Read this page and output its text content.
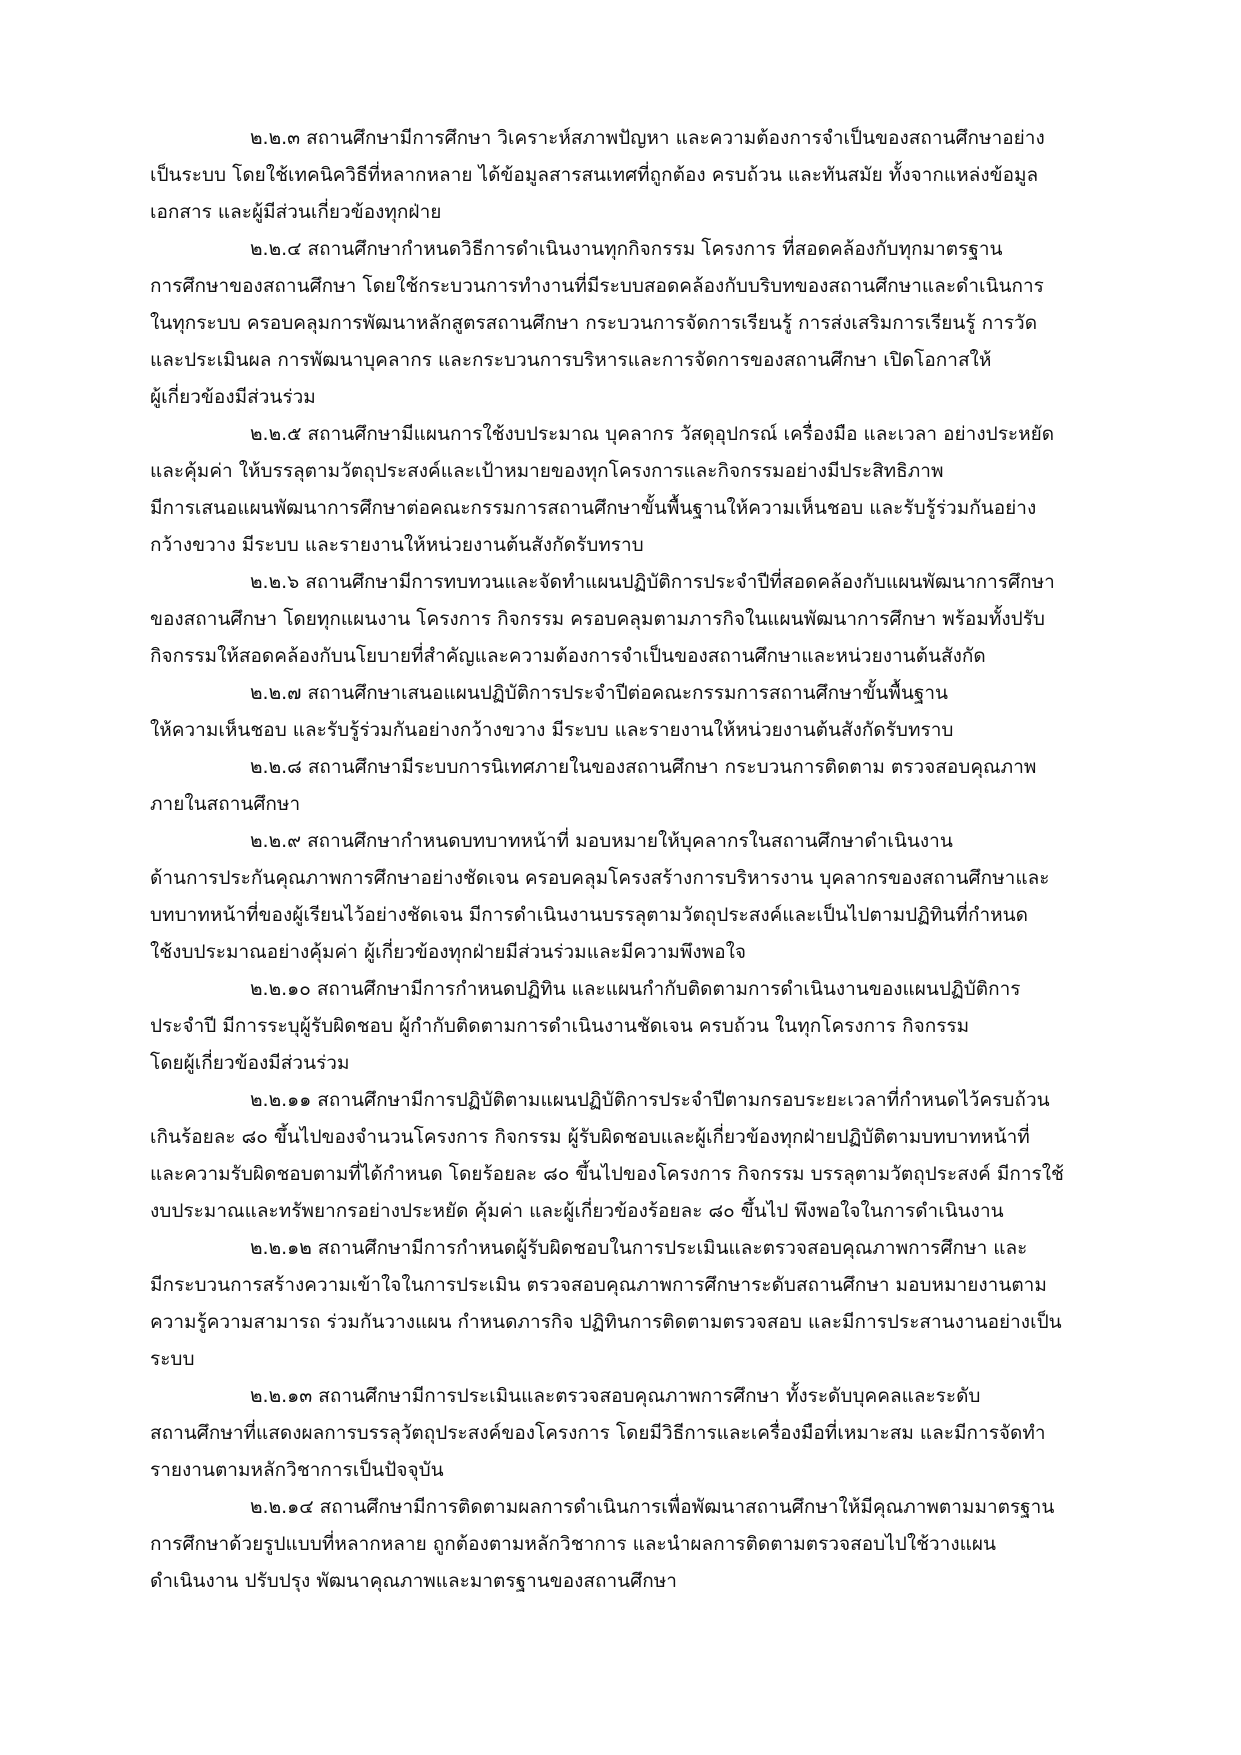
๒.๒.๓ สถานศึกษามีการศึกษา วิเคราะห์สภาพปัญหา และความต้องการจำเป็นของสถานศึกษาอย่าง
เป็นระบบ โดยใช้เทคนิควิธีที่หลากหลาย ได้ข้อมูลสารสนเทศที่ถูกต้อง ครบถ้วน และทันสมัย ทั้งจากแหล่งข้อมูล
เอกสาร และผู้มีส่วนเกี่ยวข้องทุกฝ่าย
๒.๒.๔ สถานศึกษากำหนดวิธีการดำเนินงานทุกกิจกรรม โครงการ ที่สอดคล้องกับทุกมาตรฐาน
การศึกษาของสถานศึกษา โดยใช้กระบวนการทำงานที่มีระบบสอดคล้องกับบริบทของสถานศึกษาและดำเนินการ
ในทุกระบบ ครอบคลุมการพัฒนาหลักสูตรสถานศึกษา กระบวนการจัดการเรียนรู้ การส่งเสริมการเรียนรู้ การวัด
และประเมินผล การพัฒนาบุคลากร และกระบวนการบริหารและการจัดการของสถานศึกษา เปิดโอกาสให้
ผู้เกี่ยวข้องมีส่วนร่วม
๒.๒.๕ สถานศึกษามีแผนการใช้งบประมาณ บุคลากร วัสดุอุปกรณ์ เครื่องมือ และเวลา อย่างประหยัด
และคุ้มค่า ให้บรรลุตามวัตถุประสงค์และเป้าหมายของทุกโครงการและกิจกรรมอย่างมีประสิทธิภาพ
มีการเสนอแผนพัฒนาการศึกษาต่อคณะกรรมการสถานศึกษาขั้นพื้นฐานให้ความเห็นชอบ และรับรู้ร่วมกันอย่าง
กว้างขวาง มีระบบ และรายงานให้หน่วยงานต้นสังกัดรับทราบ
๒.๒.๖ สถานศึกษามีการทบทวนและจัดทำแผนปฏิบัติการประจำปีที่สอดคล้องกับแผนพัฒนาการศึกษา
ของสถานศึกษา โดยทุกแผนงาน โครงการ กิจกรรม ครอบคลุมตามภารกิจในแผนพัฒนาการศึกษา พร้อมทั้งปรับ
กิจกรรมให้สอดคล้องกับนโยบายที่สำคัญและความต้องการจำเป็นของสถานศึกษาและหน่วยงานต้นสังกัด
๒.๒.๗ สถานศึกษาเสนอแผนปฏิบัติการประจำปีต่อคณะกรรมการสถานศึกษาขั้นพื้นฐาน
ให้ความเห็นชอบ และรับรู้ร่วมกันอย่างกว้างขวาง มีระบบ และรายงานให้หน่วยงานต้นสังกัดรับทราบ
๒.๒.๘ สถานศึกษามีระบบการนิเทศภายในของสถานศึกษา กระบวนการติดตาม ตรวจสอบคุณภาพ
ภายในสถานศึกษา
๒.๒.๙ สถานศึกษากำหนดบทบาทหน้าที่ มอบหมายให้บุคลากรในสถานศึกษาดำเนินงาน
ด้านการประกันคุณภาพการศึกษาอย่างชัดเจน ครอบคลุมโครงสร้างการบริหารงาน บุคลากรของสถานศึกษาและ
บทบาทหน้าที่ของผู้เรียนไว้อย่างชัดเจน มีการดำเนินงานบรรลุตามวัตถุประสงค์และเป็นไปตามปฏิทินที่กำหนด
ใช้งบประมาณอย่างคุ้มค่า ผู้เกี่ยวข้องทุกฝ่ายมีส่วนร่วมและมีความพึงพอใจ
๒.๒.๑๐ สถานศึกษามีการกำหนดปฏิทิน และแผนกำกับติดตามการดำเนินงานของแผนปฏิบัติการ
ประจำปี มีการระบุผู้รับผิดชอบ ผู้กำกับติดตามการดำเนินงานชัดเจน ครบถ้วน ในทุกโครงการ กิจกรรม
โดยผู้เกี่ยวข้องมีส่วนร่วม
๒.๒.๑๑ สถานศึกษามีการปฏิบัติตามแผนปฏิบัติการประจำปีตามกรอบระยะเวลาที่กำหนดไว้ครบถ้วน
เกินร้อยละ ๘๐ ขึ้นไปของจำนวนโครงการ กิจกรรม ผู้รับผิดชอบและผู้เกี่ยวข้องทุกฝ่ายปฏิบัติตามบทบาทหน้าที่
และความรับผิดชอบตามที่ได้กำหนด โดยร้อยละ ๘๐ ขึ้นไปของโครงการ กิจกรรม บรรลุตามวัตถุประสงค์ มีการใช้
งบประมาณและทรัพยากรอย่างประหยัด คุ้มค่า และผู้เกี่ยวข้องร้อยละ ๘๐ ขึ้นไป พึงพอใจในการดำเนินงาน
๒.๒.๑๒ สถานศึกษามีการกำหนดผู้รับผิดชอบในการประเมินและตรวจสอบคุณภาพการศึกษา และ
มีกระบวนการสร้างความเข้าใจในการประเมิน ตรวจสอบคุณภาพการศึกษาระดับสถานศึกษา มอบหมายงานตาม
ความรู้ความสามารถ ร่วมกันวางแผน กำหนดภารกิจ ปฏิทินการติดตามตรวจสอบ และมีการประสานงานอย่างเป็น
ระบบ
๒.๒.๑๓ สถานศึกษามีการประเมินและตรวจสอบคุณภาพการศึกษา ทั้งระดับบุคคลและระดับ
สถานศึกษาที่แสดงผลการบรรลุวัตถุประสงค์ของโครงการ โดยมีวิธีการและเครื่องมือที่เหมาะสม และมีการจัดทำ
รายงานตามหลักวิชาการเป็นปัจจุบัน
๒.๒.๑๔ สถานศึกษามีการติดตามผลการดำเนินการเพื่อพัฒนาสถานศึกษาให้มีคุณภาพตามมาตรฐาน
การศึกษาด้วยรูปแบบที่หลากหลาย ถูกต้องตามหลักวิชาการ และนำผลการติดตามตรวจสอบไปใช้วางแผน
ดำเนินงาน ปรับปรุง พัฒนาคุณภาพและมาตรฐานของสถานศึกษา
